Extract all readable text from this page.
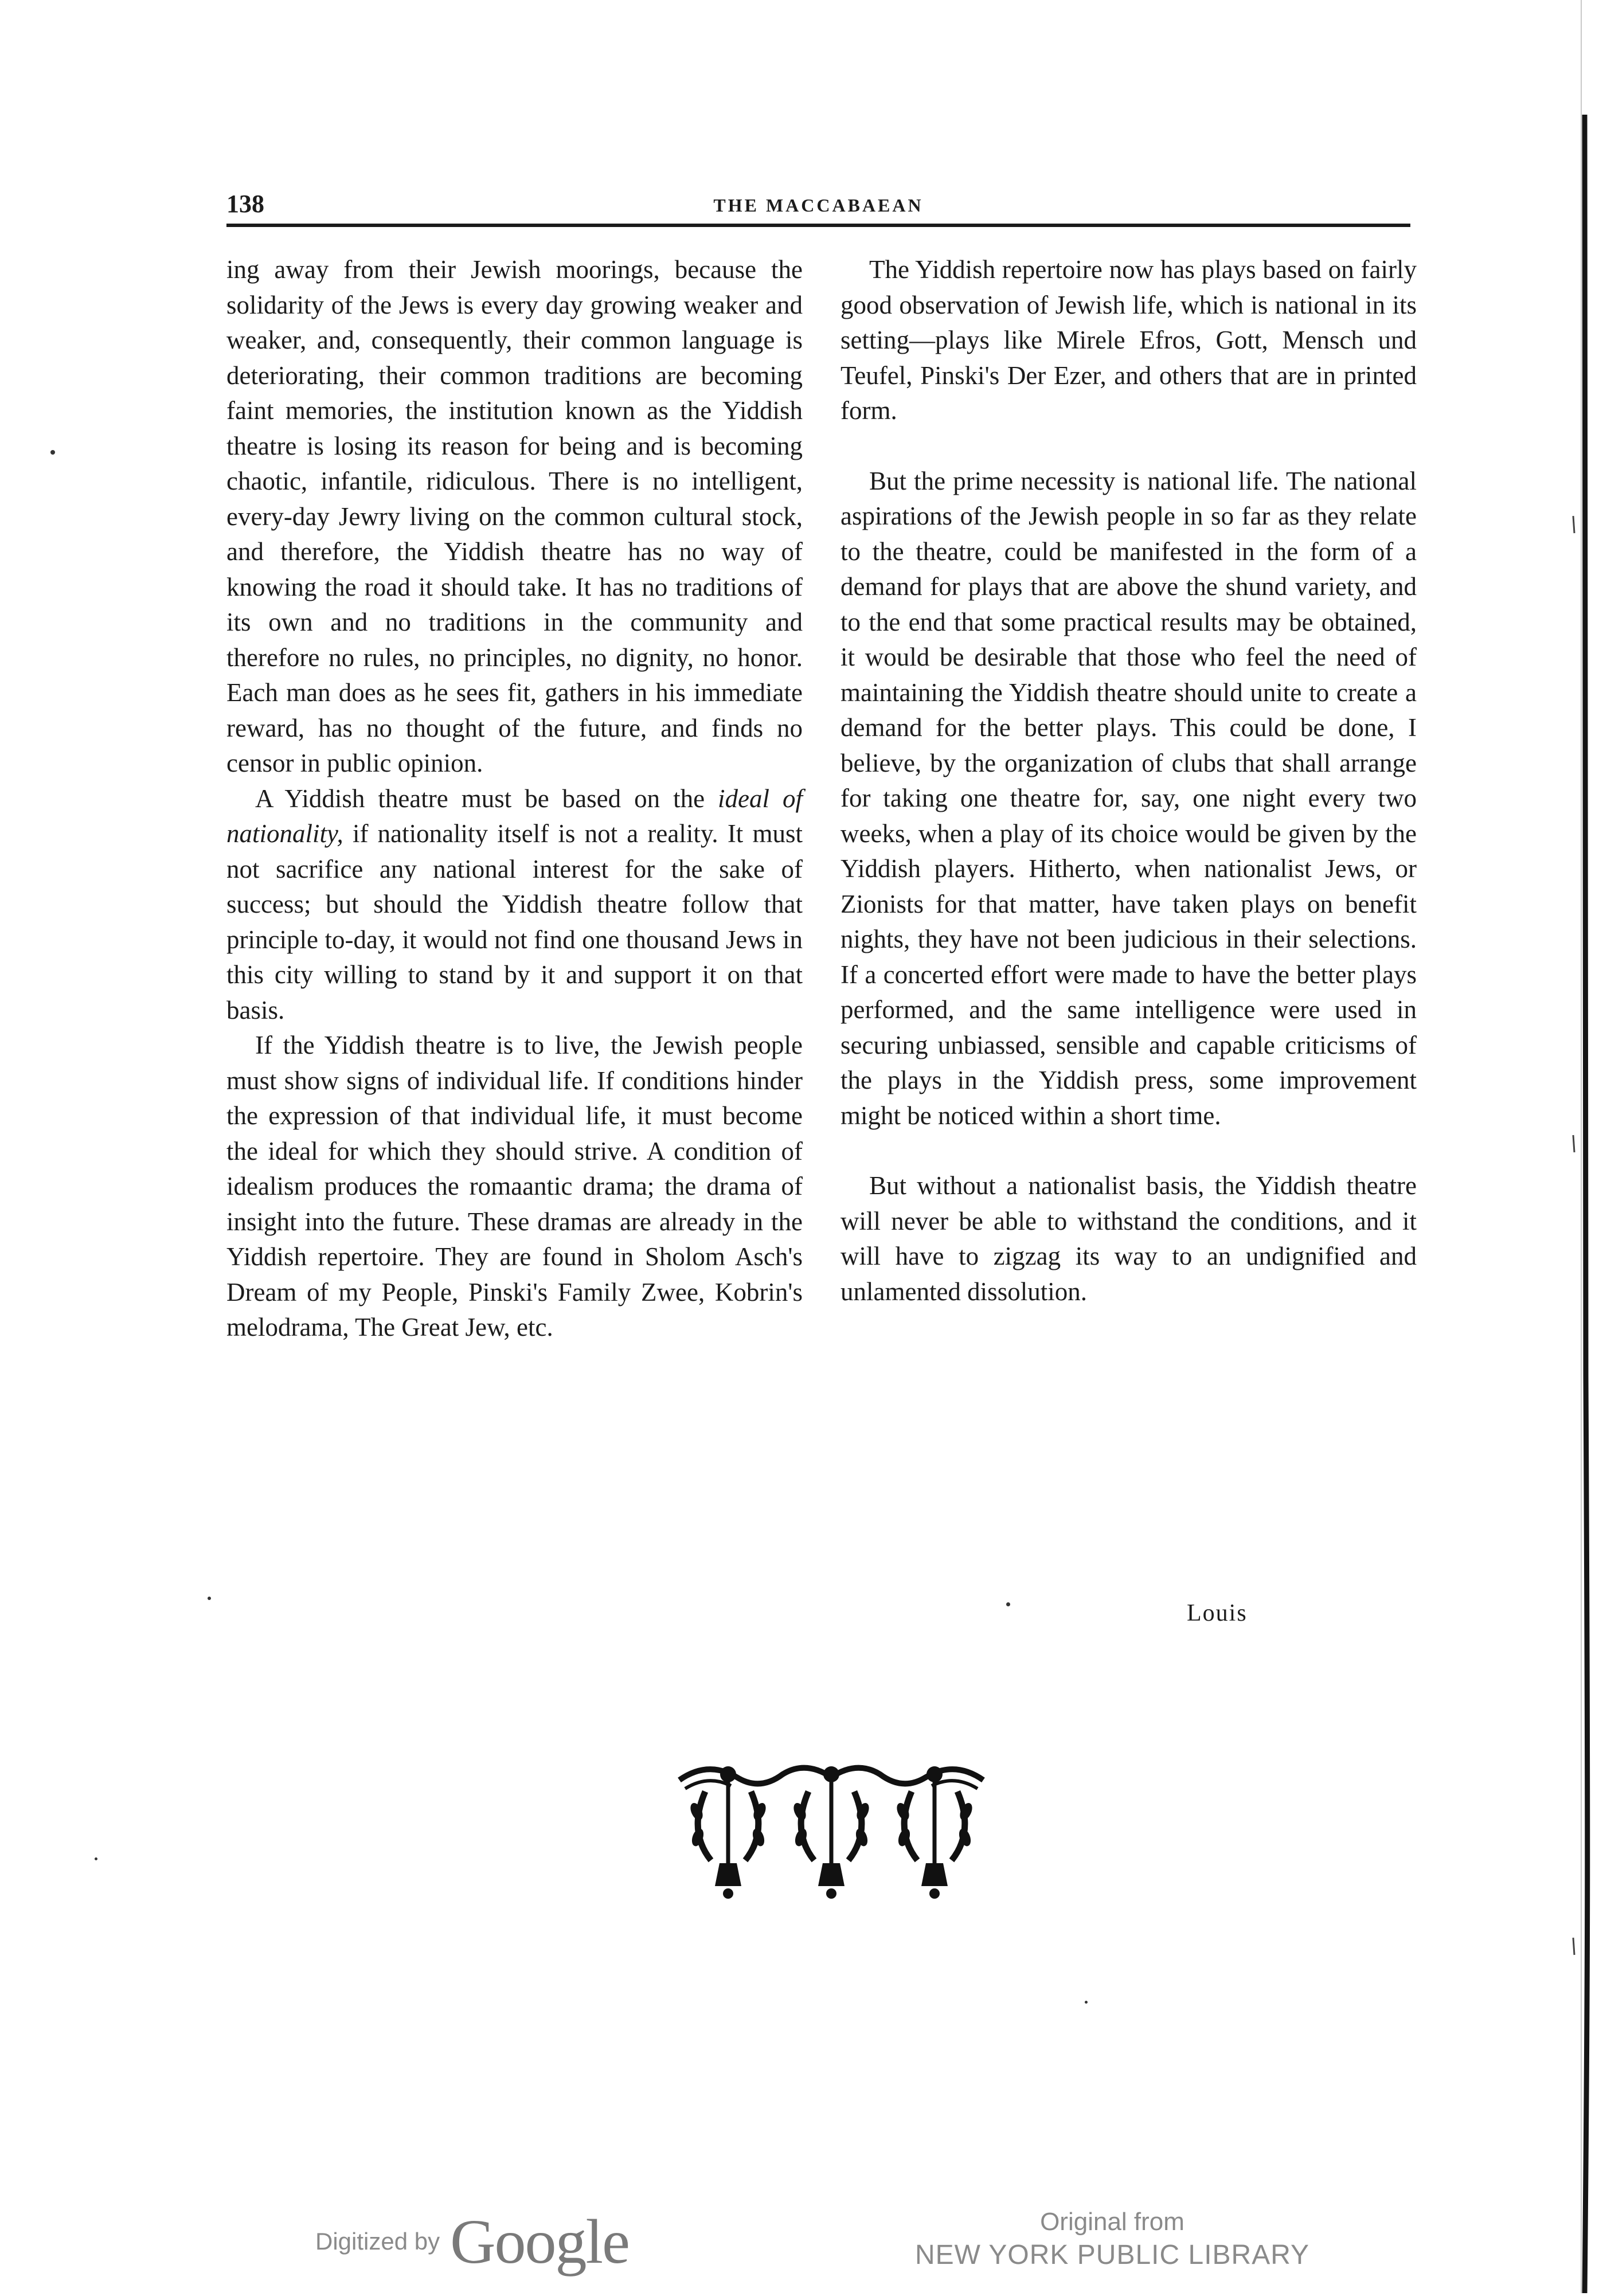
138	THE MACCABAEAN

ing away from their Jewish moorings, because the solidarity of the Jews is every day growing weaker and weaker, and, consequently, their common language is deteriorating, their common traditions are becoming faint memories, the institution known as the Yiddish theatre is losing its reason for being and is becoming chaotic, infantile, ridiculous. There is no intelligent, every-day Jewry living on the common cultural stock, and therefore, the Yiddish theatre has no way of knowing the road it should take. It has no traditions of its own and no traditions in the community and therefore no rules, no principles, no dignity, no honor. Each man does as he sees fit, gathers in his immediate reward, has no thought of the future, and finds no censor in public opinion.

A Yiddish theatre must be based on the ideal of nationality, if nationality itself is not a reality. It must not sacrifice any national interest for the sake of success; but should the Yiddish theatre follow that principle to-day, it would not find one thousand Jews in this city willing to stand by it and support it on that basis.

If the Yiddish theatre is to live, the Jewish people must show signs of individual life. If conditions hinder the expression of that individual life, it must become the ideal for which they should strive. A condition of idealism produces the romaantic drama; the drama of insight into the future. These dramas are already in the Yiddish repertoire. They are found in Sholom Asch's Dream of my People, Pinski's Family Zwee, Kobrin's melodrama, The Great Jew, etc.

The Yiddish repertoire now has plays based on fairly good observation of Jewish life, which is national in its setting—plays like Mirele Efros, Gott, Mensch und Teufel, Pinski's Der Ezer, and others that are in printed form.

But the prime necessity is national life. The national aspirations of the Jewish people in so far as they relate to the theatre, could be manifested in the form of a demand for plays that are above the shund variety, and to the end that some practical results may be obtained, it would be desirable that those who feel the need of maintaining the Yiddish theatre should unite to create a demand for the better plays. This could be done, I believe, by the organization of clubs that shall arrange for taking one theatre for, say, one night every two weeks, when a play of its choice would be given by the Yiddish players. Hitherto, when nationalist Jews, or Zionists for that matter, have taken plays on benefit nights, they have not been judicious in their selections. If a concerted effort were made to have the better plays performed, and the same intelligence were used in securing unbiassed, sensible and capable criticisms of the plays in the Yiddish press, some improvement might be noticed within a short time.

But without a nationalist basis, the Yiddish theatre will never be able to withstand the conditions, and it will have to zigzag its way to an undignified and unlamented dissolution.

Louis
Digitized by Google	Original from
NEW YORK PUBLIC LIBRARY
